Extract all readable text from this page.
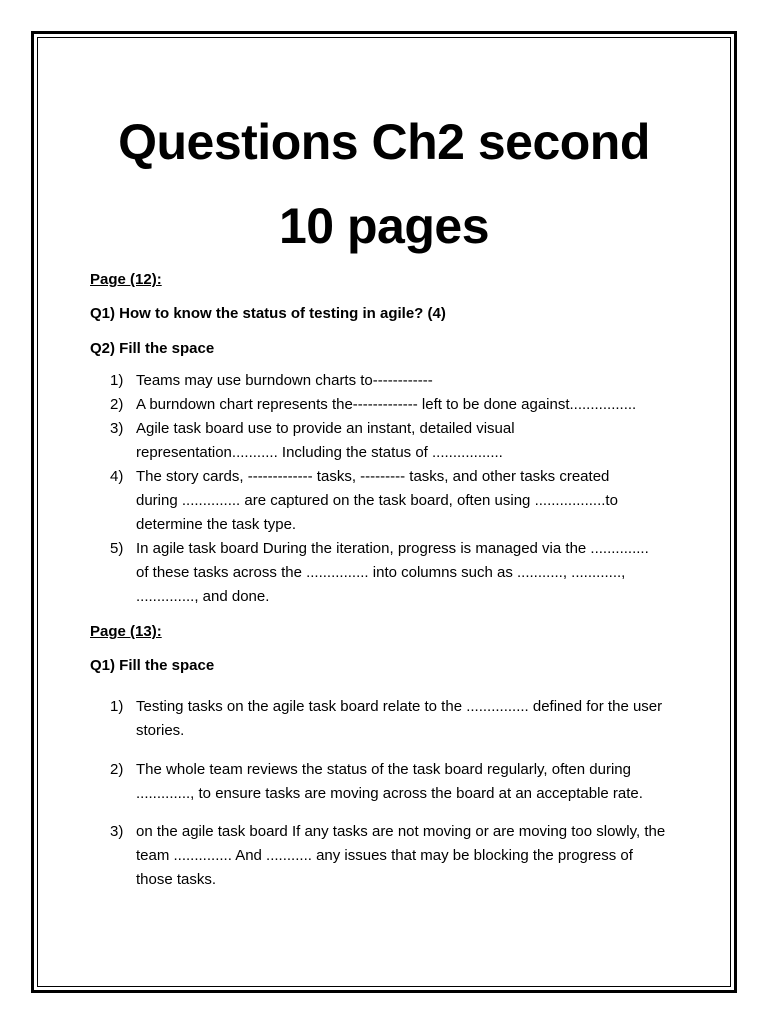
Questions Ch2 second
10 pages

Page (12):

Q1) How to know the status of testing in agile? (4)

Q2) Fill the space

1) Teams may use burndown charts to------------
2) A burndown chart represents the------------- left to be done against................
3) Agile task board use to provide an instant, detailed visual representation........... Including the status of .................
4) The story cards, ------------- tasks, --------- tasks, and other tasks created during .............. are captured on the task board, often using .................to determine the task type.
5) In agile task board During the iteration, progress is managed via the .............. of these tasks across the ............... into columns such as ..........., ............, .............., and done.

Page (13):

Q1) Fill the space

1) Testing tasks on the agile task board relate to the ............... defined for the user stories.
2) The whole team reviews the status of the task board regularly, often during ............., to ensure tasks are moving across the board at an acceptable rate.
3) on the agile task board If any tasks are not moving or are moving too slowly, the team .............. And ........... any issues that may be blocking the progress of those tasks.
